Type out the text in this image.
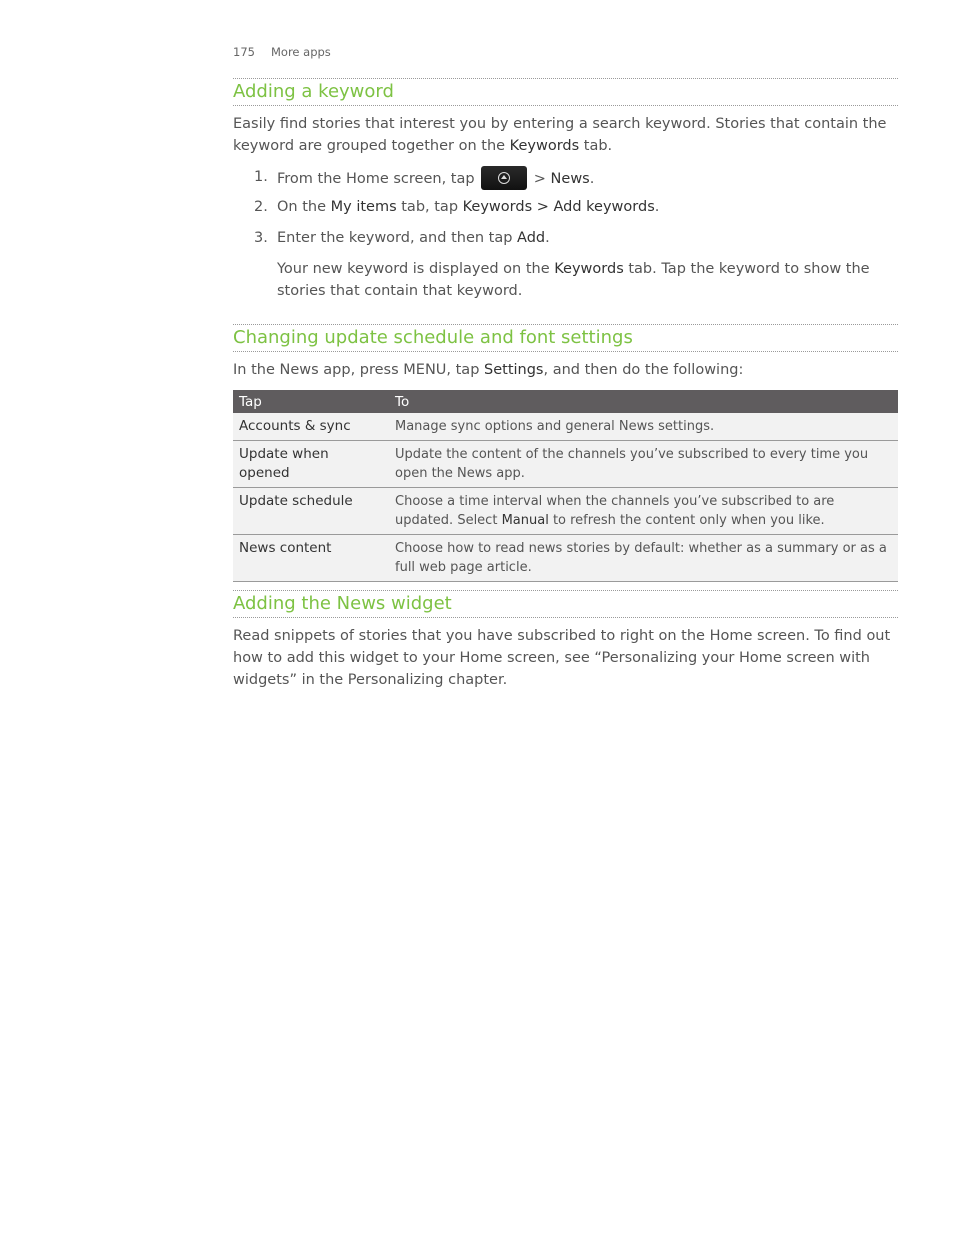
175 More apps
Adding a keyword

Easily find stories that interest you by entering a search keyword. Stories that contain the keyword are grouped together on the Keywords tab.

1. From the Home screen, tap	> News.
2. On the My items tab, tap Keywords > Add keywords.
3. Enter the keyword, and then tap Add.

Your new keyword is displayed on the Keywords tab. Tap the keyword to show the stories that contain that keyword.

Changing update schedule and font settings

In the News app, press MENU, tap Settings, and then do the following:

Tap	To
Accounts & sync	Manage sync options and general News settings.
Update when opened	Update the content of the channels you’ve subscribed to every time you open the News app.
Update schedule	Choose a time interval when the channels you’ve subscribed to are updated. Select Manual to refresh the content only when you like.
News content	Choose how to read news stories by default: whether as a summary or as a full web page article.
Adding the News widget

Read snippets of stories that you have subscribed to right on the Home screen. To find out how to add this widget to your Home screen, see “Personalizing your Home screen with widgets” in the Personalizing chapter.
